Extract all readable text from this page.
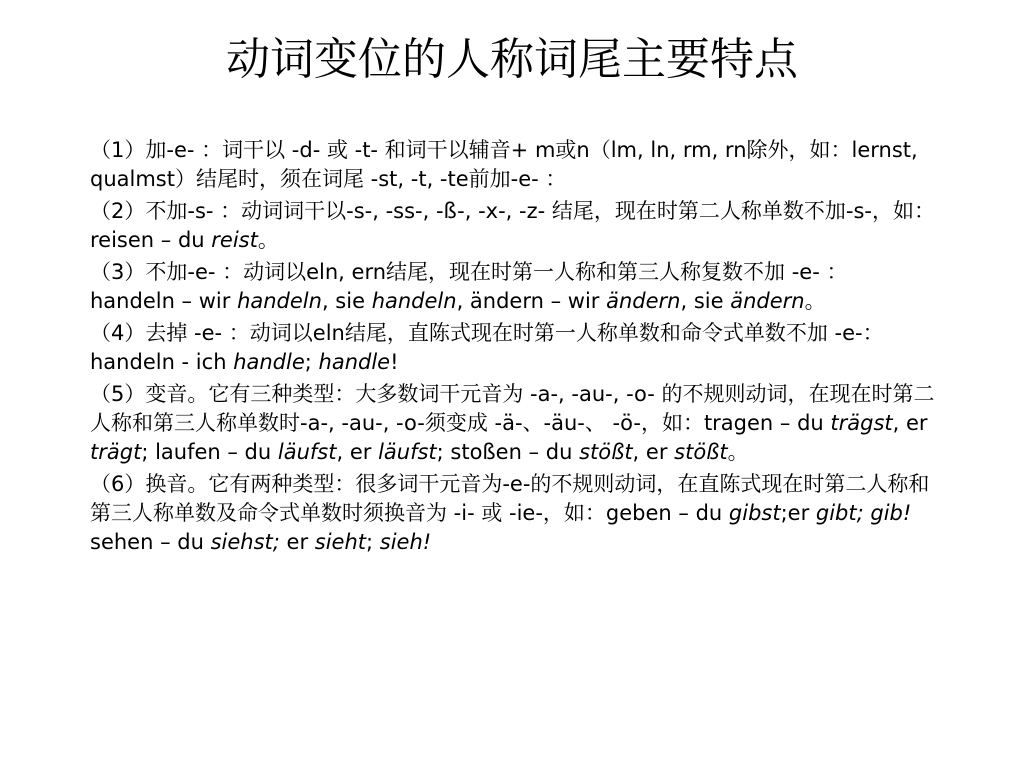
动词变位的人称词尾主要特点

（1）加-e- ：词干以 -d- 或 -t- 和词干以辅音+ m或n（lm, ln, rm, rn除外，如：lernst, qualmst）结尾时，须在词尾 -st, -t, -te前加-e- ：

（2）不加-s- ：动词词干以-s-, -ss-, -ß-, -x-, -z- 结尾，现在时第二人称单数不加-s-，如： reisen – du reist。

（3）不加-e- ：动词以eln, ern结尾，现在时第一人称和第三人称复数不加 -e- ： handeln – wir handeln, sie handeln, ändern – wir ändern, sie ändern。

（4）去掉 -e- ：动词以eln结尾，直陈式现在时第一人称单数和命令式单数不加 -e-：handeln - ich handle; handle!

（5）变音。它有三种类型：大多数词干元音为 -a-, -au-, -o- 的不规则动词，在现在时第二人称和第三人称单数时-a-, -au-, -o-须变成 -ä-、-äu-、 -ö-，如：tragen – du trägst, er trägt; laufen – du läufst, er läufst; stoßen – du stößt, er stößt。

（6）换音。它有两种类型：很多词干元音为-e-的不规则动词，在直陈式现在时第二人称和第三人称单数及命令式单数时须换音为 -i- 或 -ie-，如：geben – du gibst;er gibt; gib! sehen – du siehst; er sieht; sieh!
